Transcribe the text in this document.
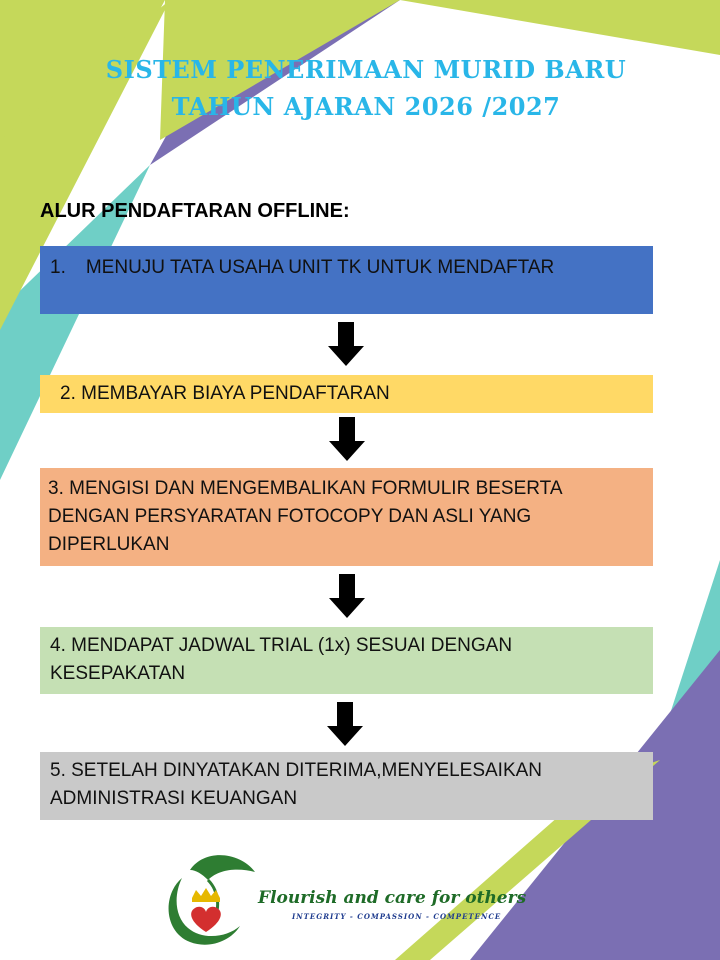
SISTEM PENERIMAAN MURID BARU
TAHUN AJARAN 2026 /2027
ALUR PENDAFTARAN OFFLINE:
1. MENUJU TATA USAHA UNIT TK UNTUK MENDAFTAR
2. MEMBAYAR BIAYA PENDAFTARAN
3. MENGISI DAN MENGEMBALIKAN FORMULIR BESERTA
DENGAN PERSYARATAN FOTOCOPY DAN ASLI YANG
DIPERLUKAN
4. MENDAPAT JADWAL TRIAL (1x) SESUAI DENGAN
KESEPAKATAN
5. SETELAH DINYATAKAN DITERIMA,MENYELESAIKAN
ADMINISTRASI KEUANGAN
Flourish and care for others
INTEGRITY - COMPASSION - COMPETENCE
